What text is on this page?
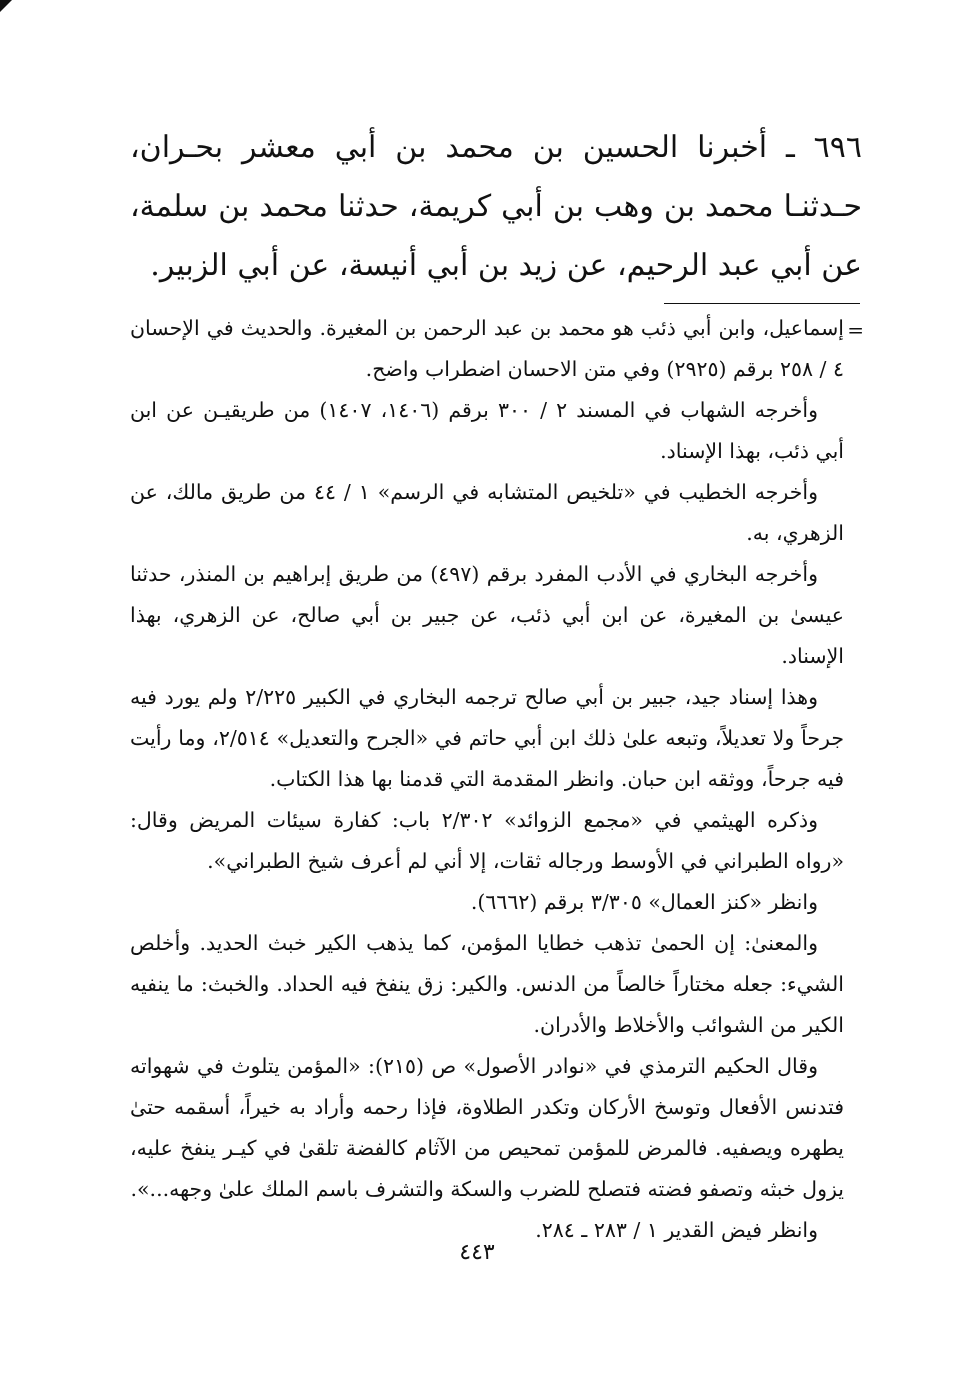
٦٩٦ ـ أخبرنا الحسين بن محمد بن أبي معشر بحـران، حـدثنـا محمد بن وهب بن أبي كريمة، حدثنا محمد بن سلمة، عن أبي عبد الرحيم، عن زيد بن أبي أنيسة، عن أبي الزبير.

=

إسماعيل، وابن أبي ذئب هو محمد بن عبد الرحمن بن المغيرة. والحديث في الإحسان ٤ / ٢٥٨ برقم (٢٩٢٥) وفي متن الاحسان اضطراب واضح.

وأخرجه الشهاب في المسند ٢ / ٣٠٠ برقم (١٤٠٦، ١٤٠٧) من طريقيـن عن ابن أبي ذئب، بهذا الإسناد.

وأخرجه الخطيب في «تلخيص المتشابه في الرسم» ١ / ٤٤ من طريق مالك، عن الزهري، به.

وأخرجه البخاري في الأدب المفرد برقم (٤٩٧) من طريق إبراهيم بن المنذر، حدثنا عيسىٰ بن المغيرة، عن ابن أبي ذئب، عن جبير بن أبي صالح، عن الزهري، بهذا الإسناد.

وهذا إسناد جيد، جبير بن أبي صالح ترجمه البخاري في الكبير ٢/٢٢٥ ولم يورد فيه جرحاً ولا تعديلاً، وتبعه علىٰ ذلك ابن أبي حاتم في «الجرح والتعديل» ٢/٥١٤، وما رأيت فيه جرحاً، ووثقه ابن حبان. وانظر المقدمة التي قدمنا بها هذا الكتاب.

وذكره الهيثمي في «مجمع الزوائد» ٢/٣٠٢ باب: كفارة سيئات المريض وقال: «رواه الطبراني في الأوسط ورجاله ثقات، إلا أني لم أعرف شيخ الطبراني».

وانظر «كنز العمال» ٣/٣٠٥ برقم (٦٦٦٢).

والمعنىٰ: إن الحمىٰ تذهب خطايا المؤمن، كما يذهب الكير خبث الحديد. وأخلص الشيء: جعله مختاراً خالصاً من الدنس. والكير: زق ينفخ فيه الحداد. والخبث: ما ينفيه الكير من الشوائب والأخلاط والأدران.

وقال الحكيم الترمذي في «نوادر الأصول» ص (٢١٥): «المؤمن يتلوث في شهواته فتدنس الأفعال وتوسخ الأركان وتكدر الطلاوة، فإذا رحمه وأراد به خيراً، أسقمه حتىٰ يطهره ويصفيه. فالمرض للمؤمن تمحيص من الآثام كالفضة تلقىٰ في كيـر ينفخ عليه، يزول خبثه وتصفو فضته فتصلح للضرب والسكة والتشرف باسم الملك علىٰ وجهه...».

وانظر فيض القدير ١ / ٢٨٣ ـ ٢٨٤.

٤٤٣
